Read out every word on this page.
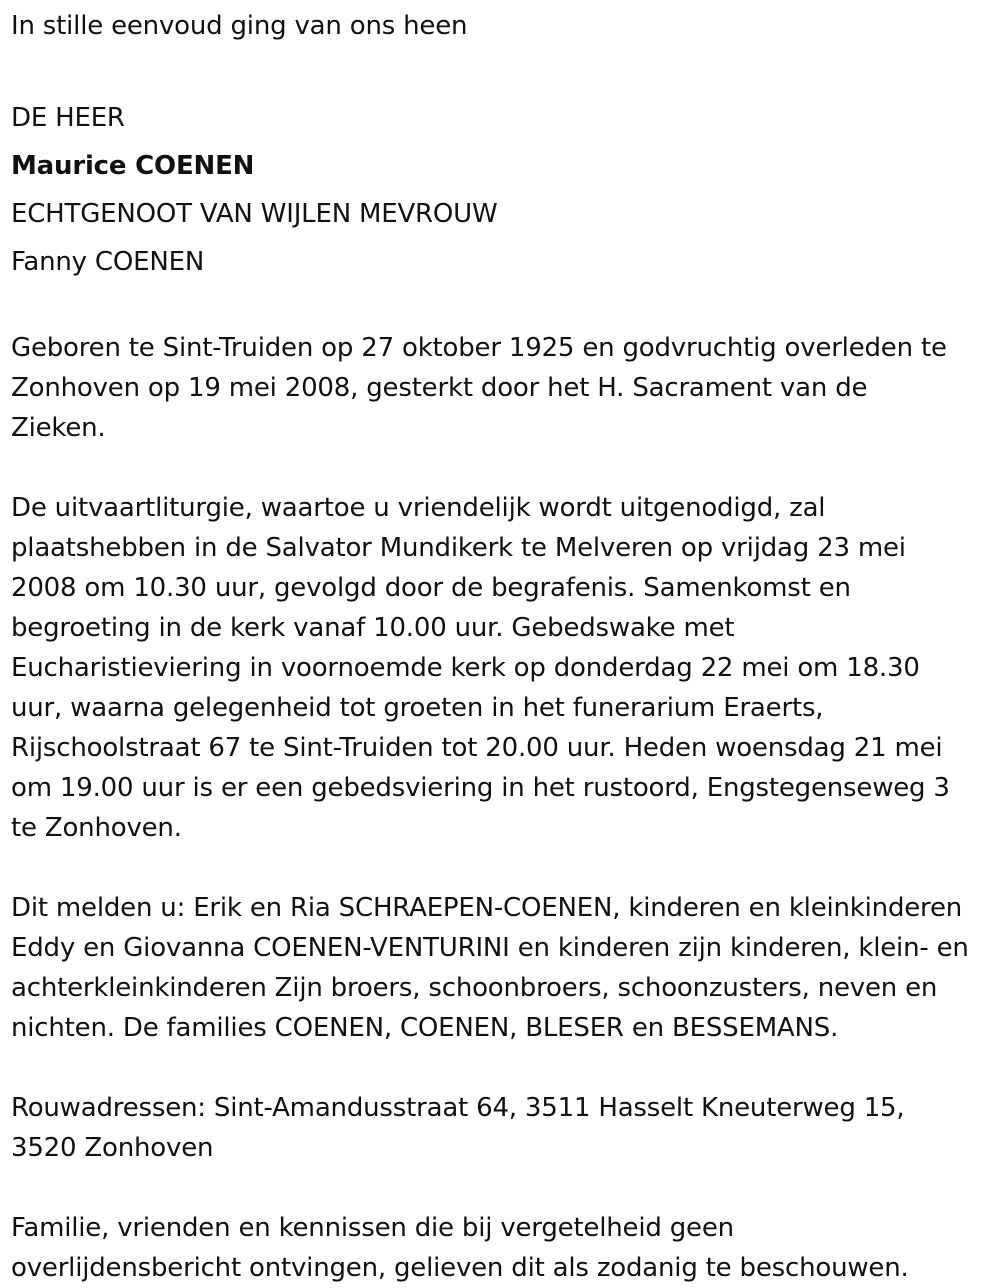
In stille eenvoud ging van ons heen
DE HEER
Maurice COENEN
ECHTGENOOT VAN WIJLEN MEVROUW
Fanny COENEN
Geboren te Sint-Truiden op 27 oktober 1925 en godvruchtig overleden te
Zonhoven op 19 mei 2008, gesterkt door het H. Sacrament van de
Zieken.
De uitvaartliturgie, waartoe u vriendelijk wordt uitgenodigd, zal
plaatshebben in de Salvator Mundikerk te Melveren op vrijdag 23 mei
2008 om 10.30 uur, gevolgd door de begrafenis. Samenkomst en
begroeting in de kerk vanaf 10.00 uur. Gebedswake met
Eucharistieviering in voornoemde kerk op donderdag 22 mei om 18.30
uur, waarna gelegenheid tot groeten in het funerarium Eraerts,
Rijschoolstraat 67 te Sint-Truiden tot 20.00 uur. Heden woensdag 21 mei
om 19.00 uur is er een gebedsviering in het rustoord, Engstegenseweg 3
te Zonhoven.
Dit melden u: Erik en Ria SCHRAEPEN-COENEN, kinderen en kleinkinderen
Eddy en Giovanna COENEN-VENTURINI en kinderen zijn kinderen, klein- en
achterkleinkinderen Zijn broers, schoonbroers, schoonzusters, neven en
nichten. De families COENEN, COENEN, BLESER en BESSEMANS.
Rouwadressen: Sint-Amandusstraat 64, 3511 Hasselt Kneuterweg 15,
3520 Zonhoven
Familie, vrienden en kennissen die bij vergetelheid geen
overlijdensbericht ontvingen, gelieven dit als zodanig te beschouwen.
